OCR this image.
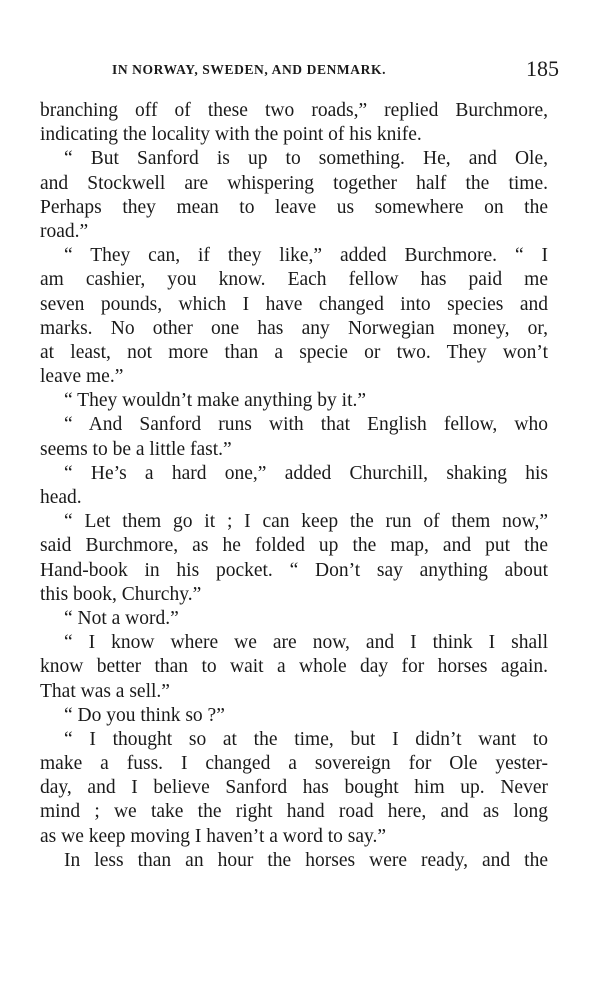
IN NORWAY, SWEDEN, AND DENMARK.	185
branching off of these two roads,” replied Burchmore,
indicating the locality with the point of his knife.
“ But Sanford is up to something. He, and Ole,
and Stockwell are whispering together half the time.
Perhaps they mean to leave us somewhere on the
road.”
“ They can, if they like,” added Burchmore. “ I
am cashier, you know. Each fellow has paid me
seven pounds, which I have changed into species and
marks. No other one has any Norwegian money, or,
at least, not more than a specie or two. They won’t
leave me.”
“ They wouldn’t make anything by it.”
“ And Sanford runs with that English fellow, who
seems to be a little fast.”
“ He’s a hard one,” added Churchill, shaking his
head.
“ Let them go it ; I can keep the run of them now,”
said Burchmore, as he folded up the map, and put the
Hand-book in his pocket. “ Don’t say anything about
this book, Churchy.”
“ Not a word.”
“ I know where we are now, and I think I shall
know better than to wait a whole day for horses again.
That was a sell.”
“ Do you think so ?”
“ I thought so at the time, but I didn’t want to
make a fuss. I changed a sovereign for Ole yester-
day, and I believe Sanford has bought him up. Never
mind ; we take the right hand road here, and as long
as we keep moving I haven’t a word to say.”
In less than an hour the horses were ready, and the
